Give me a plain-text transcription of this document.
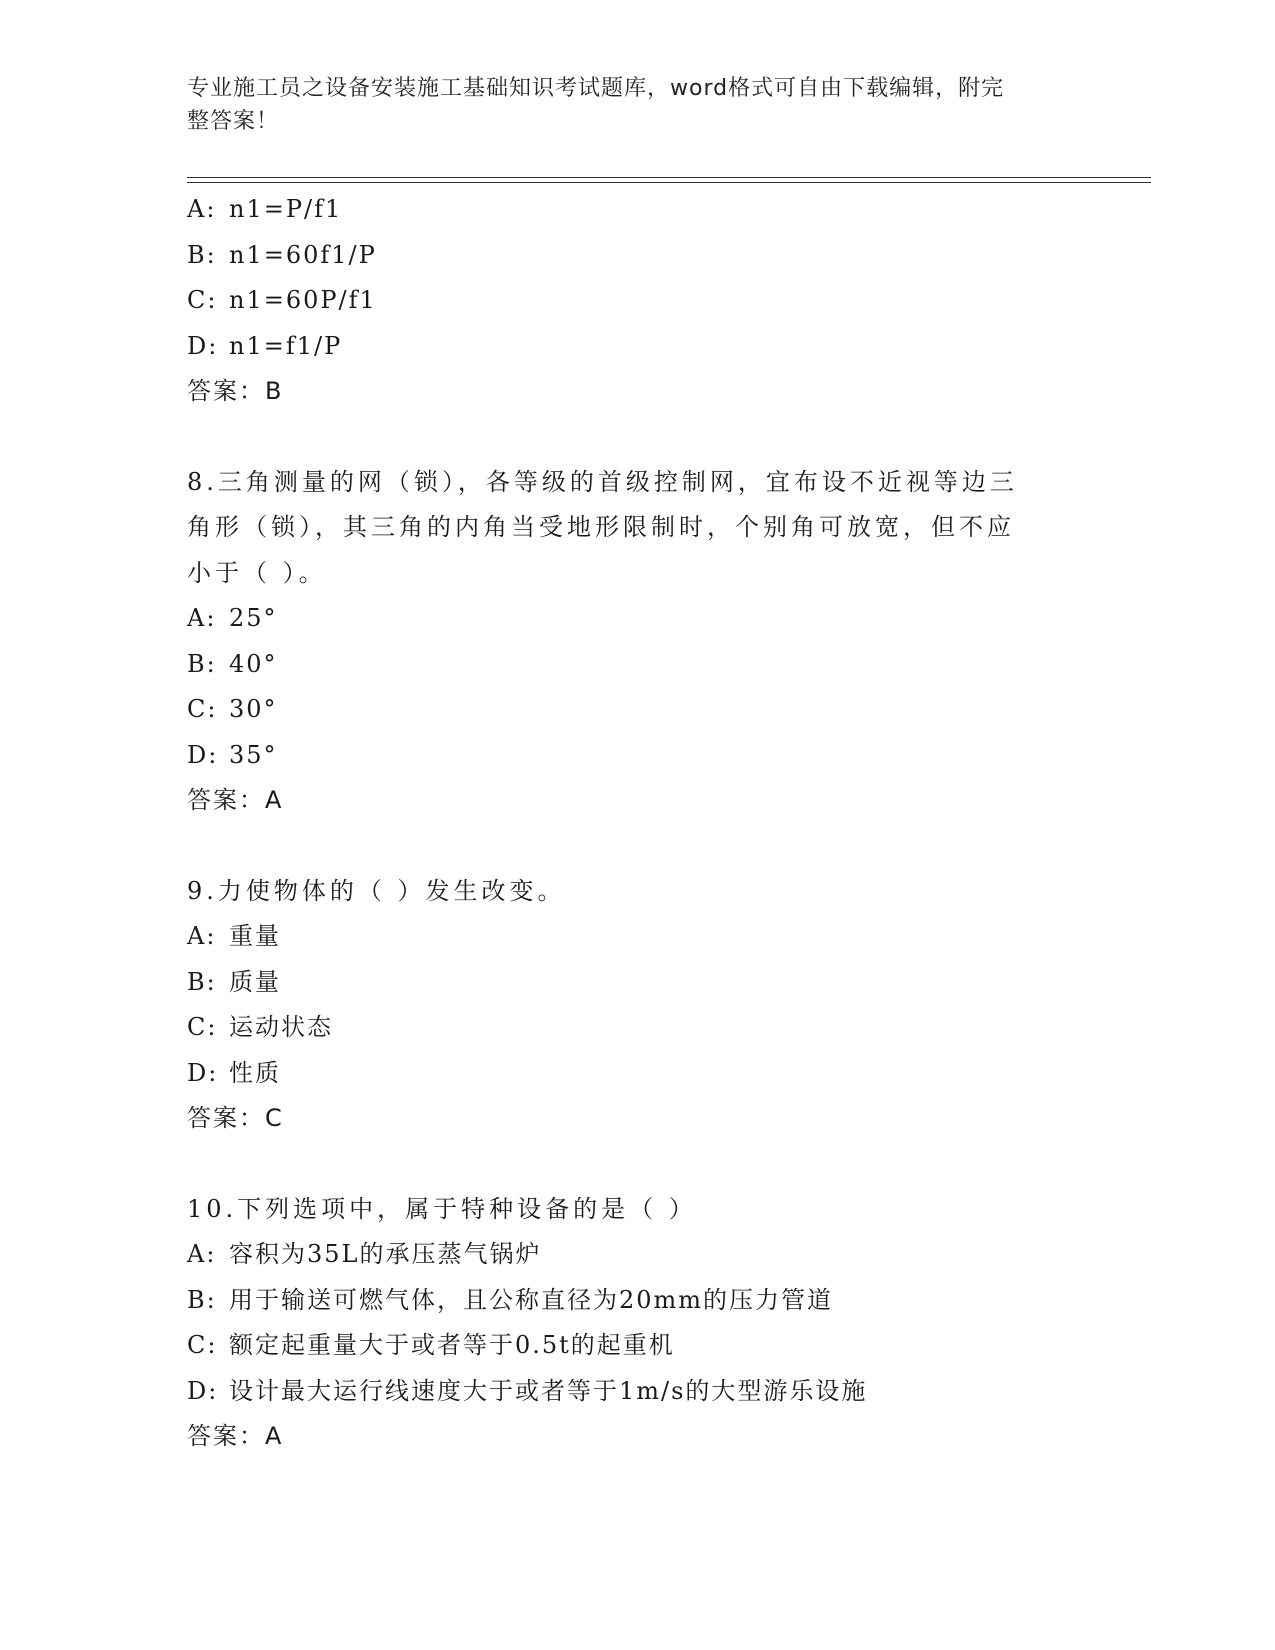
专业施工员之设备安装施工基础知识考试题库，word格式可自由下载编辑，附完
整答案！
A: n1=P/f1
B: n1=60f1/P
C: n1=60P/f1
D: n1=f1/P
答案：B
8.三角测量的网（锁），各等级的首级控制网，宜布设不近视等边三
角形（锁），其三角的内角当受地形限制时，个别角可放宽，但不应
小于（ ）。
A: 25°
B: 40°
C: 30°
D: 35°
答案：A
9.力使物体的（ ）发生改变。
A: 重量
B: 质量
C: 运动状态
D: 性质
答案：C
10.下列选项中，属于特种设备的是（ ）
A: 容积为35L的承压蒸气锅炉
B: 用于输送可燃气体，且公称直径为20mm的压力管道
C: 额定起重量大于或者等于0.5t的起重机
D: 设计最大运行线速度大于或者等于1m/s的大型游乐设施
答案：A
